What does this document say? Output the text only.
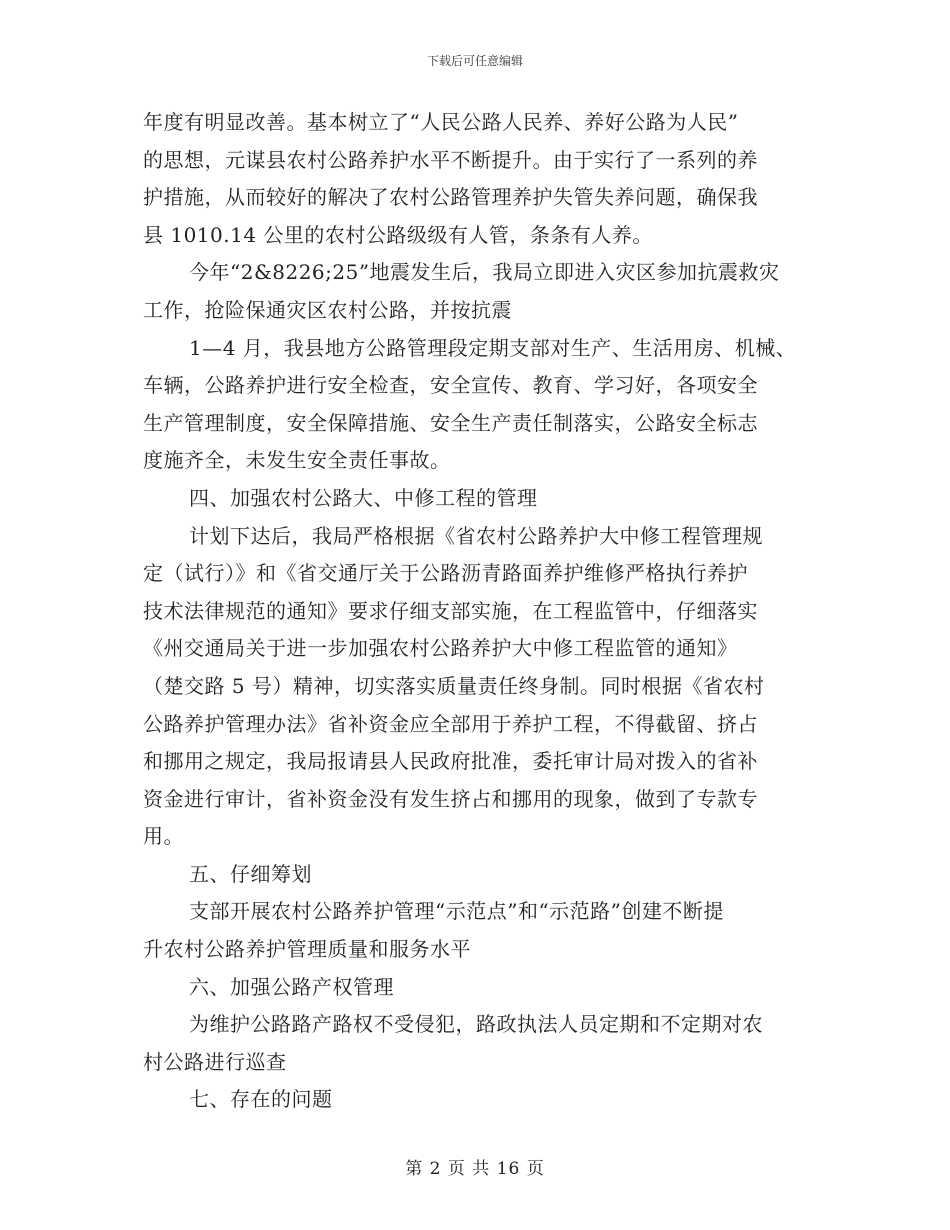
下载后可任意编辑
年度有明显改善。基本树立了“人民公路人民养、养好公路为人民”
的思想，元谋县农村公路养护水平不断提升。由于实行了一系列的养
护措施，从而较好的解决了农村公路管理养护失管失养问题，确保我
县 1010.14 公里的农村公路级级有人管，条条有人养。
今年“2&8226;25”地震发生后，我局立即进入灾区参加抗震救灾
工作，抢险保通灾区农村公路，并按抗震
1—4 月，我县地方公路管理段定期支部对生产、生活用房、机械、
车辆，公路养护进行安全检查，安全宣传、教育、学习好，各项安全
生产管理制度，安全保障措施、安全生产责任制落实，公路安全标志
度施齐全，未发生安全责任事故。
四、加强农村公路大、中修工程的管理
计划下达后，我局严格根据《省农村公路养护大中修工程管理规
定（试行）》和《省交通厅关于公路沥青路面养护维修严格执行养护
技术法律规范的通知》要求仔细支部实施，在工程监管中，仔细落实
《州交通局关于进一步加强农村公路养护大中修工程监管的通知》
（楚交路 5 号）精神，切实落实质量责任终身制。同时根据《省农村
公路养护管理办法》省补资金应全部用于养护工程，不得截留、挤占
和挪用之规定，我局报请县人民政府批准，委托审计局对拨入的省补
资金进行审计，省补资金没有发生挤占和挪用的现象，做到了专款专
用。
五、仔细筹划
支部开展农村公路养护管理“示范点”和“示范路”创建不断提
升农村公路养护管理质量和服务水平
六、加强公路产权管理
为维护公路路产路权不受侵犯，路政执法人员定期和不定期对农
村公路进行巡查
七、存在的问题
第 2 页 共 16 页
